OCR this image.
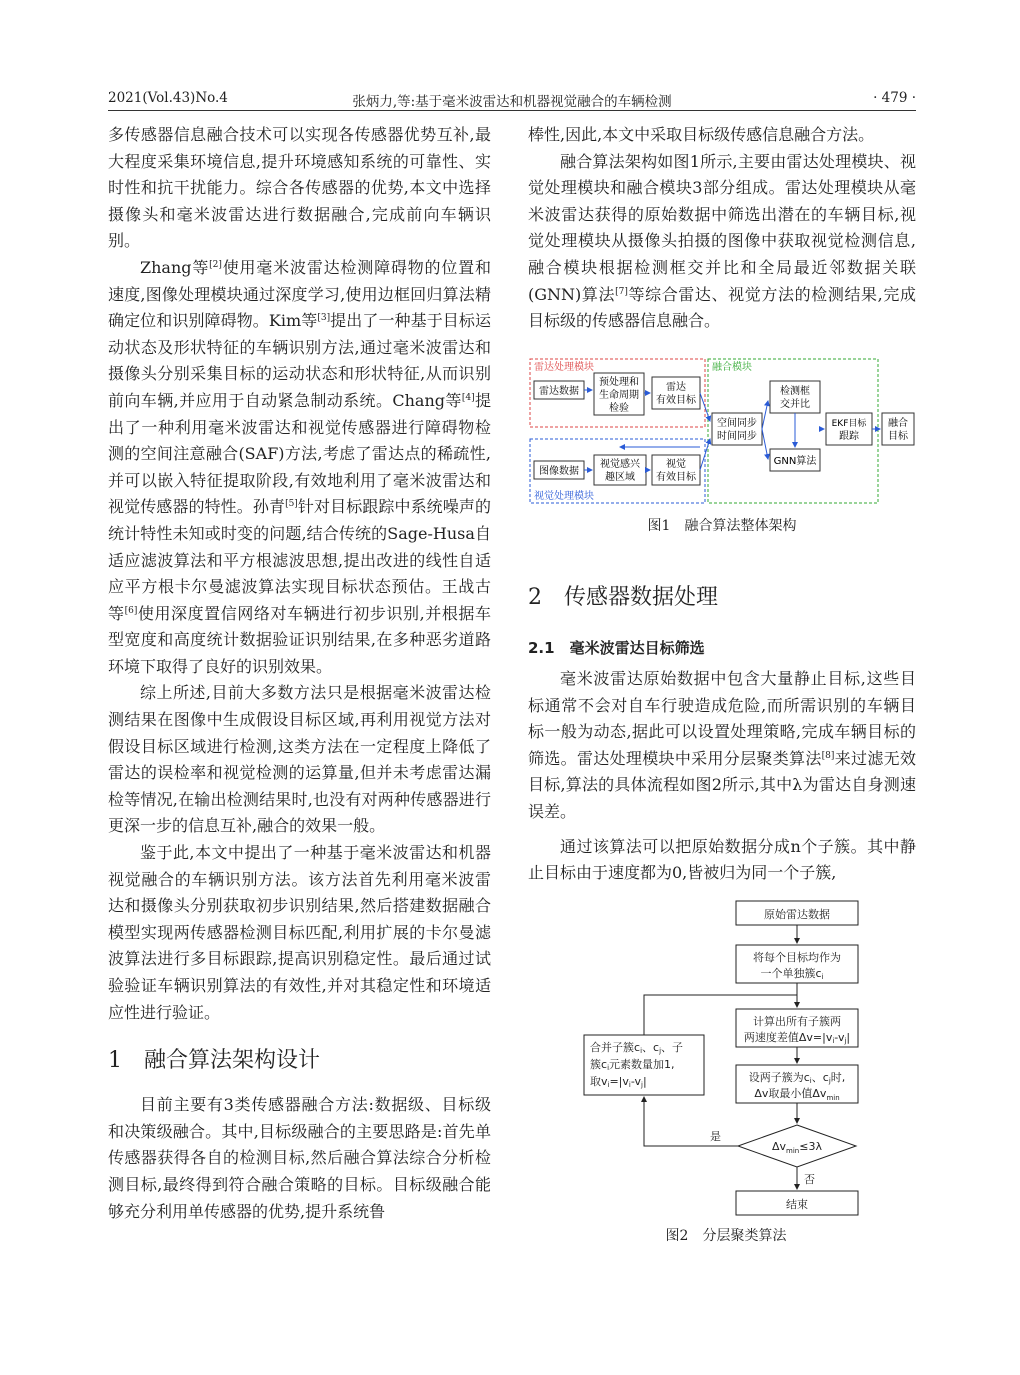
2021(Vol.43)No.4	张炳力,等:基于毫米波雷达和机器视觉融合的车辆检测	· 479 ·

多传感器信息融合技术可以实现各传感器优势互补,最大程度采集环境信息,提升环境感知系统的可靠性、实时性和抗干扰能力。综合各传感器的优势,本文中选择摄像头和毫米波雷达进行数据融合,完成前向车辆识别。

Zhang等[2]使用毫米波雷达检测障碍物的位置和速度,图像处理模块通过深度学习,使用边框回归算法精确定位和识别障碍物。Kim等[3]提出了一种基于目标运动状态及形状特征的车辆识别方法,通过毫米波雷达和摄像头分别采集目标的运动状态和形状特征,从而识别前向车辆,并应用于自动紧急制动系统。Chang等[4]提出了一种利用毫米波雷达和视觉传感器进行障碍物检测的空间注意融合(SAF)方法,考虑了雷达点的稀疏性,并可以嵌入特征提取阶段,有效地利用了毫米波雷达和视觉传感器的特性。孙青[5]针对目标跟踪中系统噪声的统计特性未知或时变的问题,结合传统的Sage-Husa自适应滤波算法和平方根滤波思想,提出改进的线性自适应平方根卡尔曼滤波算法实现目标状态预估。王战古等[6]使用深度置信网络对车辆进行初步识别,并根据车型宽度和高度统计数据验证识别结果,在多种恶劣道路环境下取得了良好的识别效果。

综上所述,目前大多数方法只是根据毫米波雷达检测结果在图像中生成假设目标区域,再利用视觉方法对假设目标区域进行检测,这类方法在一定程度上降低了雷达的误检率和视觉检测的运算量,但并未考虑雷达漏检等情况,在输出检测结果时,也没有对两种传感器进行更深一步的信息互补,融合的效果一般。

鉴于此,本文中提出了一种基于毫米波雷达和机器视觉融合的车辆识别方法。该方法首先利用毫米波雷达和摄像头分别获取初步识别结果,然后搭建数据融合模型实现两传感器检测目标匹配,利用扩展的卡尔曼滤波算法进行多目标跟踪,提高识别稳定性。最后通过试验验证车辆识别算法的有效性,并对其稳定性和环境适应性进行验证。

1　融合算法架构设计

目前主要有3类传感器融合方法:数据级、目标级和决策级融合。其中,目标级融合的主要思路是:首先单传感器获得各自的检测目标,然后融合算法综合分析检测目标,最终得到符合融合策略的目标。目标级融合能够充分利用单传感器的优势,提升系统鲁

棒性,因此,本文中采取目标级传感信息融合方法。

融合算法架构如图1所示,主要由雷达处理模块、视觉处理模块和融合模块3部分组成。雷达处理模块从毫米波雷达获得的原始数据中筛选出潜在的车辆目标,视觉处理模块从摄像头拍摄的图像中获取视觉检测信息,融合模块根据检测框交并比和全局最近邻数据关联(GNN)算法[7]等综合雷达、视觉方法的检测结果,完成目标级的传感器信息融合。

雷达处理模块	融合模块
视觉处理模块
雷达数据
预处理和
生命周期
检验
雷达
有效目标
图像数据
视觉感兴
趣区域
视觉
有效目标
空间同步
时间同步
检测框
交并比
GNN算法
EKF目标
跟踪
融合
目标
图1　融合算法整体架构
2　传感器数据处理
2.1　毫米波雷达目标筛选

毫米波雷达原始数据中包含大量静止目标,这些目标通常不会对自车行驶造成危险,而所需识别的车辆目标一般为动态,据此可以设置处理策略,完成车辆目标的筛选。雷达处理模块中采用分层聚类算法[8]来过滤无效目标,算法的具体流程如图2所示,其中λ为雷达自身测速误差。

通过该算法可以把原始数据分成n个子簇。其中静止目标由于速度都为0,皆被归为同一个子簇,

原始雷达数据
将每个目标均作为
一个单独簇ci
计算出所有子簇两
两速度差值Δv=|vi-vj|
设两子簇为ci、cj时,
Δv取最小值$\Delta v_{min}$
合并子簇ci、cj、子
簇ci元素数量加1,
取vi=|vi-vj|
$\Delta v_{min}\le 3\lambda$
是
否
结束
图2　分层聚类算法
